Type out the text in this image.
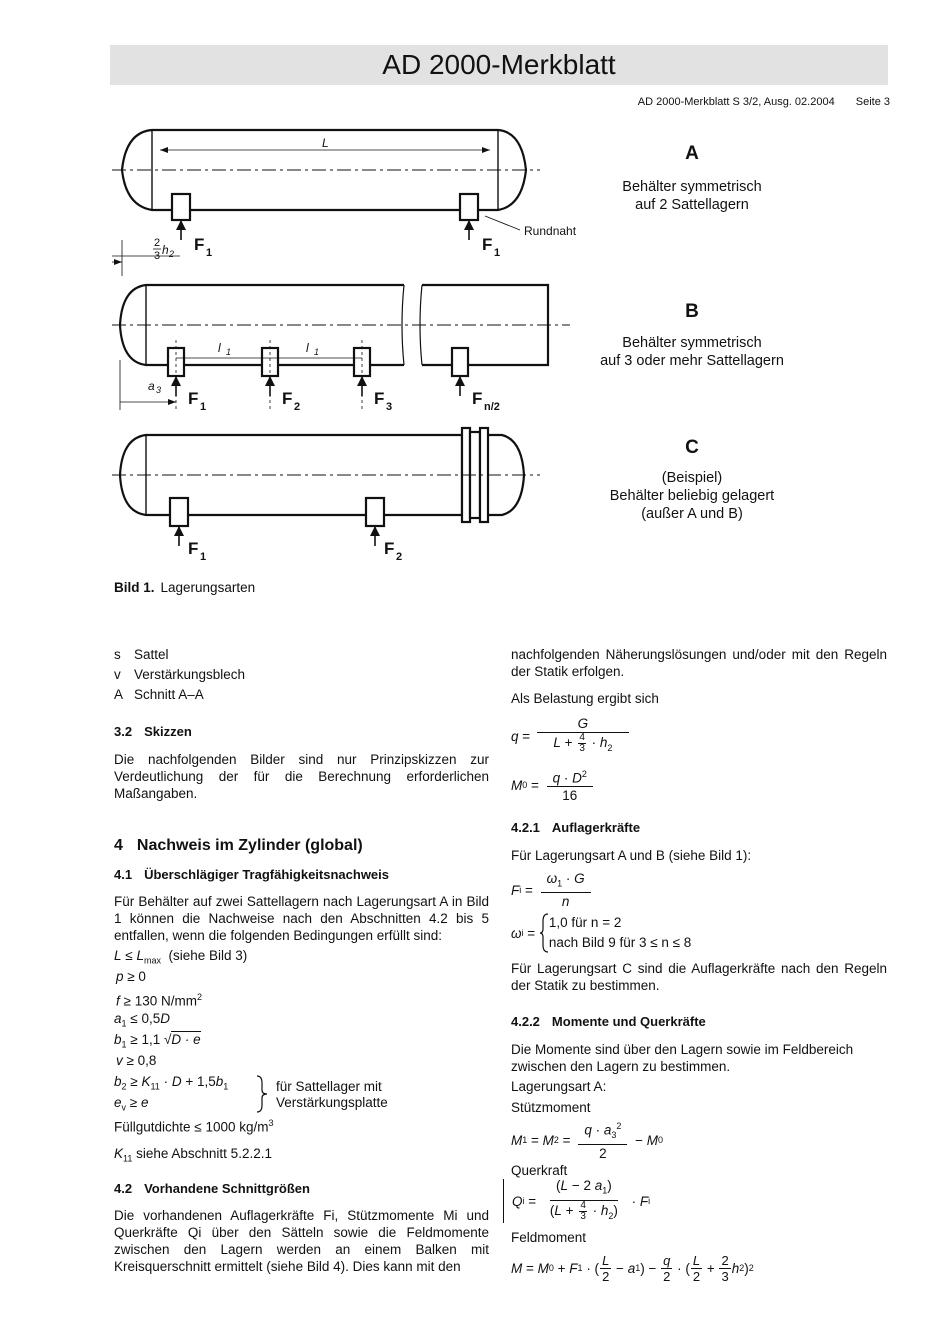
AD 2000-Merkblatt
AD 2000-Merkblatt S 3/2, Ausg. 02.2004 Seite 3
L
l	l
a
h
1	1
3
2
2
3
Rundnaht
F	F
F	F	F	F
F	F
1	1
1	2	3	n/2
1	2
A
Behälter symmetrisch
auf 2 Sattellagern
B
Behälter symmetrisch
auf 3 oder mehr Sattellagern
C
(Beispiel)
Behälter beliebig gelagert
(außer A und B)
Bild 1. Lagerungsarten
s Sattel
v Verstärkungsblech
A Schnitt A–A
3.2 Skizzen

Die nachfolgenden Bilder sind nur Prinzipskizzen zur Verdeutlichung der für die Berechnung erforderlichen Maßangaben.

4 Nachweis im Zylinder (global)
4.1 Überschlägiger Tragfähigkeitsnachweis

Für Behälter auf zwei Sattellagern nach Lagerungsart A in Bild 1 können die Nachweise nach den Abschnitten 4.2 bis 5 entfallen, wenn die folgenden Bedingungen erfüllt sind:

$L \le L_{max}$ (siehe Bild 3)
p ≥ 0
f ≥ 130 $N/mm^2$
$a_1 \le 0,5D$
$b_1 \ge 1,1$ √D · e
v ≥ 0,8
$b_2 \ge K_{11} \cdot D + 1,5b_1$
$e_v \ge e$
für Sattellager mit
Verstärkungsplatte
Füllgutdichte ≤ 1000 $kg/m^3$
$K_{11}$ siehe Abschnitt 5.2.2.1
4.2 Vorhandene Schnittgrößen

Die vorhandenen Auflagerkräfte Fi, Stützmomente Mi und Querkräfte Qi über den Sätteln sowie die Feldmomente zwischen den Lagern werden an einem Balken mit Kreisquerschnitt ermittelt (siehe Bild 4). Dies kann mit den

nachfolgenden Näherungslösungen und/oder mit den Regeln der Statik erfolgen.

Als Belastung ergibt sich

$q = \frac{G}{L + \frac{4}{3} \cdot h_2}$
M $0 = \frac{q \cdot D^2}{16}$
4.2.1 Auflagerkräfte

Für Lagerungsart A und B (siehe Bild 1):

F $i = \frac{\omega_1 \cdot G}{n}$
ω i =
1,0 für n = 2
nach Bild 9 für 3 ≤ n ≤ 8

Für Lagerungsart C sind die Auflagerkräfte nach den Regeln der Statik zu bestimmen.

4.2.2 Momente und Querkräfte

Die Momente sind über den Lagern sowie im Feldbereich zwischen den Lagern zu bestimmen.

Lagerungsart A:

Stützmoment

M 1 = M $2 = \frac{q \cdot a_3^2}{2} - M$ 0

Querkraft

Q $i = \frac{(L - 2 a_1)}{(L + \frac{4}{3} \cdot h_2)} \cdot F$ i

Feldmoment

M = M 0 + F 1 · (
L
2
− a 1 ) −
q
2
· (
L
2
+
2
3
h 2 ) 2
